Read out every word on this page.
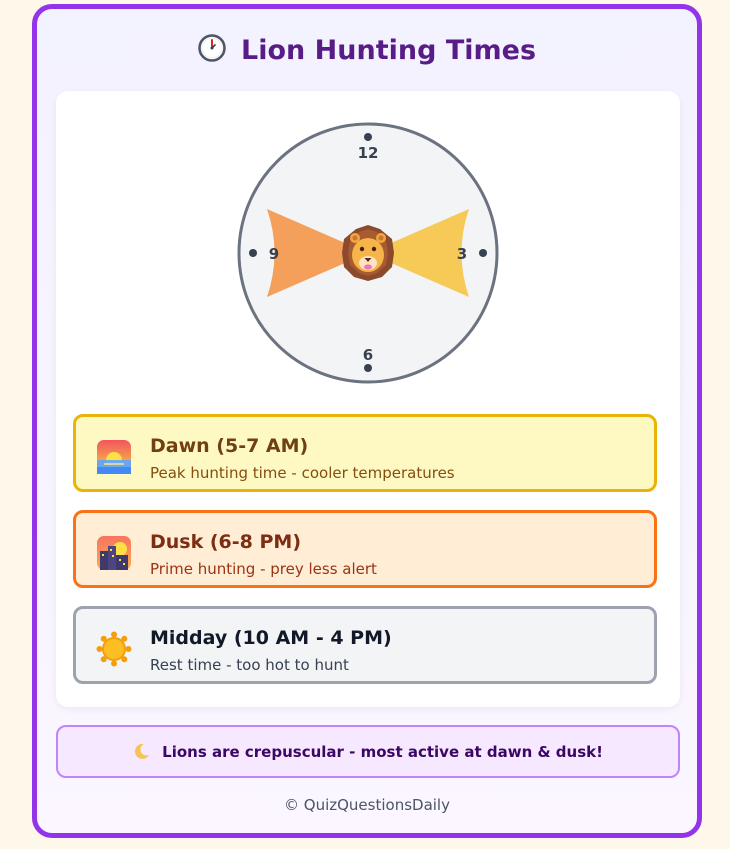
Lion Hunting Times
12
3
6
9
Dawn (5-7 AM)
Peak hunting time - cooler temperatures
Dusk (6-8 PM)
Prime hunting - prey less alert
Midday (10 AM - 4 PM)
Rest time - too hot to hunt
Lions are crepuscular - most active at dawn & dusk!
© QuizQuestionsDaily
